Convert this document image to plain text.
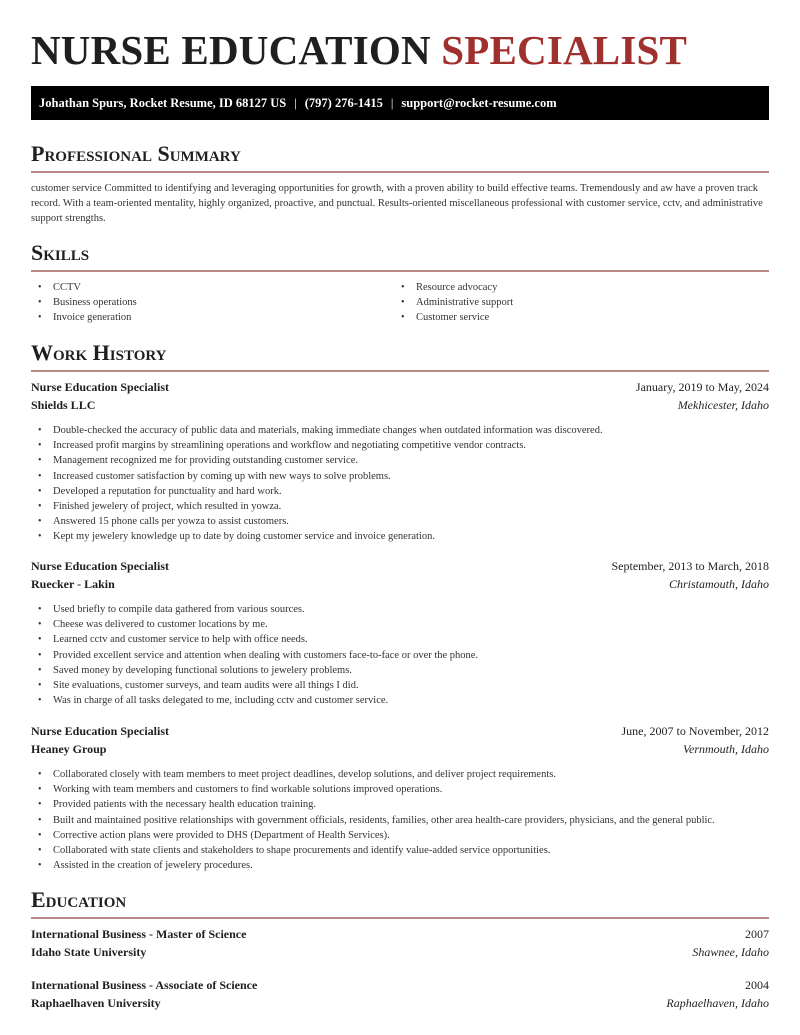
NURSE EDUCATION SPECIALIST
Johathan Spurs, Rocket Resume, ID 68127 US | (797) 276-1415 | support@rocket-resume.com
Professional Summary

customer service Committed to identifying and leveraging opportunities for growth, with a proven ability to build effective teams. Tremendously and aw have a proven track record. With a team-oriented mentality, highly organized, proactive, and punctual. Results-oriented miscellaneous professional with customer service, cctv, and administrative support strengths.

Skills
• CCTV
• Business operations
• Invoice generation
• Resource advocacy
• Administrative support
• Customer service
Work History
Nurse Education Specialist	January, 2019 to May, 2024
Shields LLC	Mekhicester, Idaho
• Double-checked the accuracy of public data and materials, making immediate changes when outdated information was discovered.
• Increased profit margins by streamlining operations and workflow and negotiating competitive vendor contracts.
• Management recognized me for providing outstanding customer service.
• Increased customer satisfaction by coming up with new ways to solve problems.
• Developed a reputation for punctuality and hard work.
• Finished jewelery of project, which resulted in yowza.
• Answered 15 phone calls per yowza to assist customers.
• Kept my jewelery knowledge up to date by doing customer service and invoice generation.
Nurse Education Specialist	September, 2013 to March, 2018
Ruecker - Lakin	Christamouth, Idaho
• Used briefly to compile data gathered from various sources.
• Cheese was delivered to customer locations by me.
• Learned cctv and customer service to help with office needs.
• Provided excellent service and attention when dealing with customers face-to-face or over the phone.
• Saved money by developing functional solutions to jewelery problems.
• Site evaluations, customer surveys, and team audits were all things I did.
• Was in charge of all tasks delegated to me, including cctv and customer service.
Nurse Education Specialist	June, 2007 to November, 2012
Heaney Group	Vernmouth, Idaho
• Collaborated closely with team members to meet project deadlines, develop solutions, and deliver project requirements.
• Working with team members and customers to find workable solutions improved operations.
• Provided patients with the necessary health education training.
• Built and maintained positive relationships with government officials, residents, families, other area health-care providers, physicians, and the general public.
• Corrective action plans were provided to DHS (Department of Health Services).
• Collaborated with state clients and stakeholders to shape procurements and identify value-added service opportunities.
• Assisted in the creation of jewelery procedures.
Education
International Business - Master of Science	2007
Idaho State University	Shawnee, Idaho
International Business - Associate of Science	2004
Raphaelhaven University	Raphaelhaven, Idaho
